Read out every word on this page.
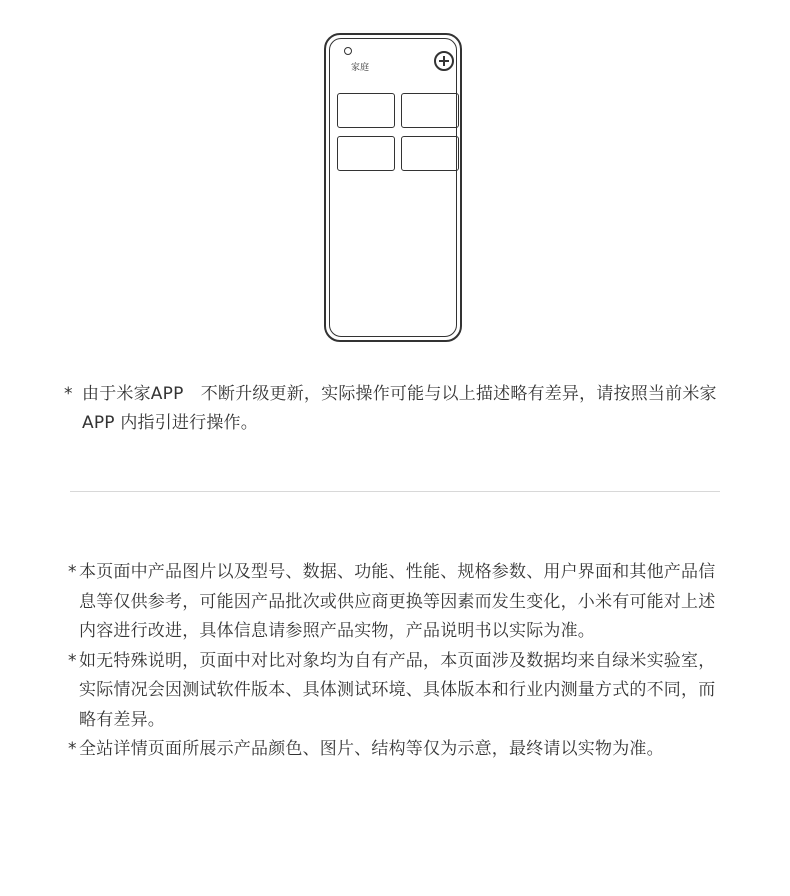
家庭
* 由于米家APP　不断升级更新，实际操作可能与以上描述略有差异，请按照当前米家APP 内指引进行操作。
* 本页面中产品图片以及型号、数据、功能、性能、规格参数、用户界面和其他产品信息等仅供参考，可能因产品批次或供应商更换等因素而发生变化，小米有可能对上述内容进行改进，具体信息请参照产品实物，产品说明书以实际为准。
* 如无特殊说明，页面中对比对象均为自有产品，本页面涉及数据均来自绿米实验室，实际情况会因测试软件版本、具体测试环境、具体版本和行业内测量方式的不同，而略有差异。
* 全站详情页面所展示产品颜色、图片、结构等仅为示意，最终请以实物为准。
